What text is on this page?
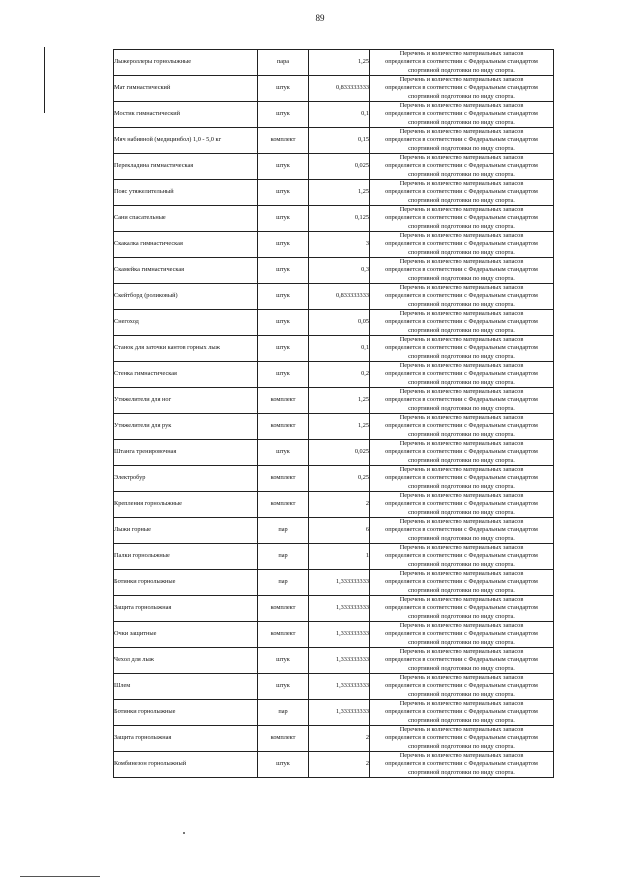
89
Лыжероллеры горнолыжные	пара	1,25	Перечень и количество материальных запасов
определяется в соответствии с Федеральным стандартом
спортивной подготовки по виду спорта.

Мат гимнастический	штук	0,833333333	Перечень и количество материальных запасов
определяется в соответствии с Федеральным стандартом
спортивной подготовки по виду спорта.

Мостик гимнастический	штук	0,1	Перечень и количество материальных запасов
определяется в соответствии с Федеральным стандартом
спортивной подготовки по виду спорта.

Мяч набивной (медицинбол) 1,0 - 5,0 кг	комплект	0,15	Перечень и количество материальных запасов
определяется в соответствии с Федеральным стандартом
спортивной подготовки по виду спорта.

Перекладина гимнастическая	штук	0,025	Перечень и количество материальных запасов
определяется в соответствии с Федеральным стандартом
спортивной подготовки по виду спорта.

Пояс утяжелительный	штук	1,25	Перечень и количество материальных запасов
определяется в соответствии с Федеральным стандартом
спортивной подготовки по виду спорта.

Сани спасательные	штук	0,125	Перечень и количество материальных запасов
определяется в соответствии с Федеральным стандартом
спортивной подготовки по виду спорта.

Скакалка гимнастическая	штук	3	Перечень и количество материальных запасов
определяется в соответствии с Федеральным стандартом
спортивной подготовки по виду спорта.

Скамейка гимнастическая	штук	0,3	Перечень и количество материальных запасов
определяется в соответствии с Федеральным стандартом
спортивной подготовки по виду спорта.

Скейтборд (роликовый)	штук	0,833333333	Перечень и количество материальных запасов
определяется в соответствии с Федеральным стандартом
спортивной подготовки по виду спорта.

Снегоход	штук	0,05	Перечень и количество материальных запасов
определяется в соответствии с Федеральным стандартом
спортивной подготовки по виду спорта.

Станок для заточки кантов горных лыж	штук	0,1	Перечень и количество материальных запасов
определяется в соответствии с Федеральным стандартом
спортивной подготовки по виду спорта.

Стенка гимнастическая	штук	0,2	Перечень и количество материальных запасов
определяется в соответствии с Федеральным стандартом
спортивной подготовки по виду спорта.

Утяжелители для ног	комплект	1,25	Перечень и количество материальных запасов
определяется в соответствии с Федеральным стандартом
спортивной подготовки по виду спорта.

Утяжелители для рук	комплект	1,25	Перечень и количество материальных запасов
определяется в соответствии с Федеральным стандартом
спортивной подготовки по виду спорта.

Штанга тренировочная	штук	0,025	Перечень и количество материальных запасов
определяется в соответствии с Федеральным стандартом
спортивной подготовки по виду спорта.

Электробур	комплект	0,25	Перечень и количество материальных запасов
определяется в соответствии с Федеральным стандартом
спортивной подготовки по виду спорта.

Крепления горнолыжные	комплект	2	Перечень и количество материальных запасов
определяется в соответствии с Федеральным стандартом
спортивной подготовки по виду спорта.

Лыжи горные	пар	6	Перечень и количество материальных запасов
определяется в соответствии с Федеральным стандартом
спортивной подготовки по виду спорта.

Палки горнолыжные	пар	1	Перечень и количество материальных запасов
определяется в соответствии с Федеральным стандартом
спортивной подготовки по виду спорта.

Ботинки горнолыжные	пар	1,333333333	Перечень и количество материальных запасов
определяется в соответствии с Федеральным стандартом
спортивной подготовки по виду спорта.

Защита горнолыжная	комплект	1,333333333	Перечень и количество материальных запасов
определяется в соответствии с Федеральным стандартом
спортивной подготовки по виду спорта.

Очки защитные	комплект	1,333333333	Перечень и количество материальных запасов
определяется в соответствии с Федеральным стандартом
спортивной подготовки по виду спорта.

Чехол для лыж	штук	1,333333333	Перечень и количество материальных запасов
определяется в соответствии с Федеральным стандартом
спортивной подготовки по виду спорта.

Шлем	штук	1,333333333	Перечень и количество материальных запасов
определяется в соответствии с Федеральным стандартом
спортивной подготовки по виду спорта.

Ботинки горнолыжные	пар	1,333333333	Перечень и количество материальных запасов
определяется в соответствии с Федеральным стандартом
спортивной подготовки по виду спорта.

Защита горнолыжная	комплект	2	Перечень и количество материальных запасов
определяется в соответствии с Федеральным стандартом
спортивной подготовки по виду спорта.

Комбинезон горнолыжный	штук	2	Перечень и количество материальных запасов
определяется в соответствии с Федеральным стандартом
спортивной подготовки по виду спорта.
